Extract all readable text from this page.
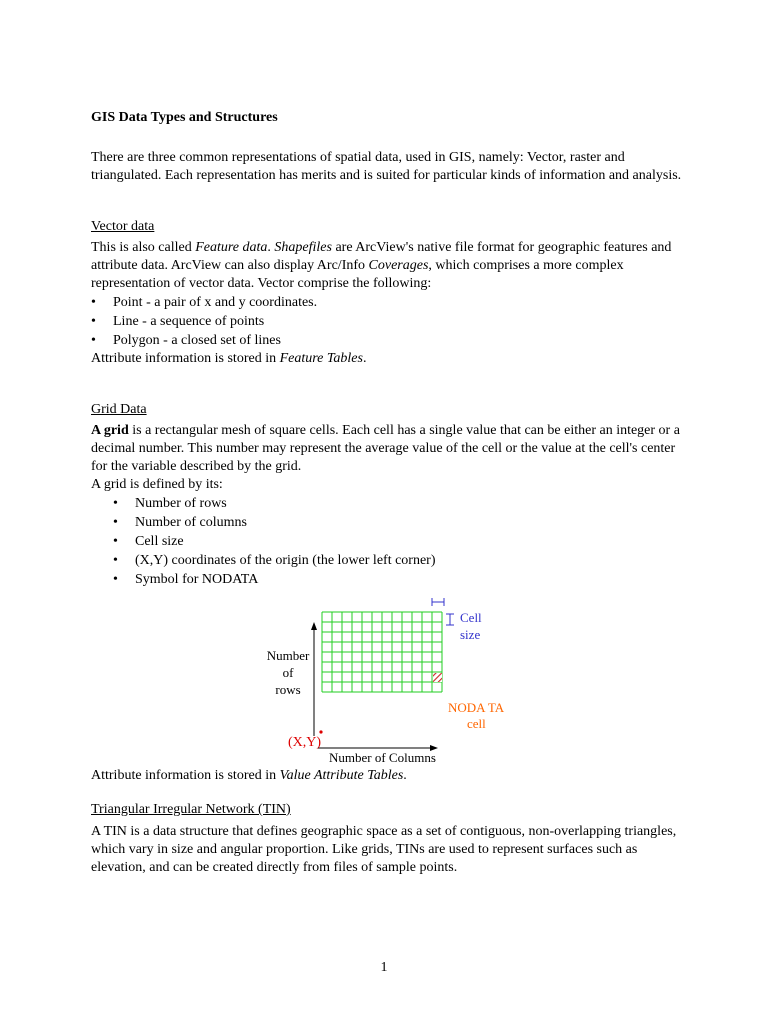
GIS Data Types and Structures

There are three common representations of spatial data, used in GIS, namely: Vector, raster and triangulated. Each representation has merits and is suited for particular kinds of information and analysis.

Vector data

This is also called Feature data. Shapefiles are ArcView's native file format for geographic features and attribute data. ArcView can also display Arc/Info Coverages, which comprises a more complex representation of vector data. Vector comprise the following:

• Point - a pair of x and y coordinates.
• Line - a sequence of points
• Polygon - a closed set of lines

Attribute information is stored in Feature Tables.

Grid Data

A grid is a rectangular mesh of square cells. Each cell has a single value that can be either an integer or a decimal number. This number may represent the average value of the cell or the value at the cell's center for the variable described by the grid.

A grid is defined by its:

• Number of rows
• Number of columns
• Cell size
• (X,Y) coordinates of the origin (the lower left corner)
• Symbol for NODATA
Number
of
rows
Cell
size
NODA TA
cell
(X,Y)
Number of Columns

Attribute information is stored in Value Attribute Tables.

Triangular Irregular Network (TIN)

A TIN is a data structure that defines geographic space as a set of contiguous, non-overlapping triangles, which vary in size and angular proportion. Like grids, TINs are used to represent surfaces such as elevation, and can be created directly from files of sample points.

1
